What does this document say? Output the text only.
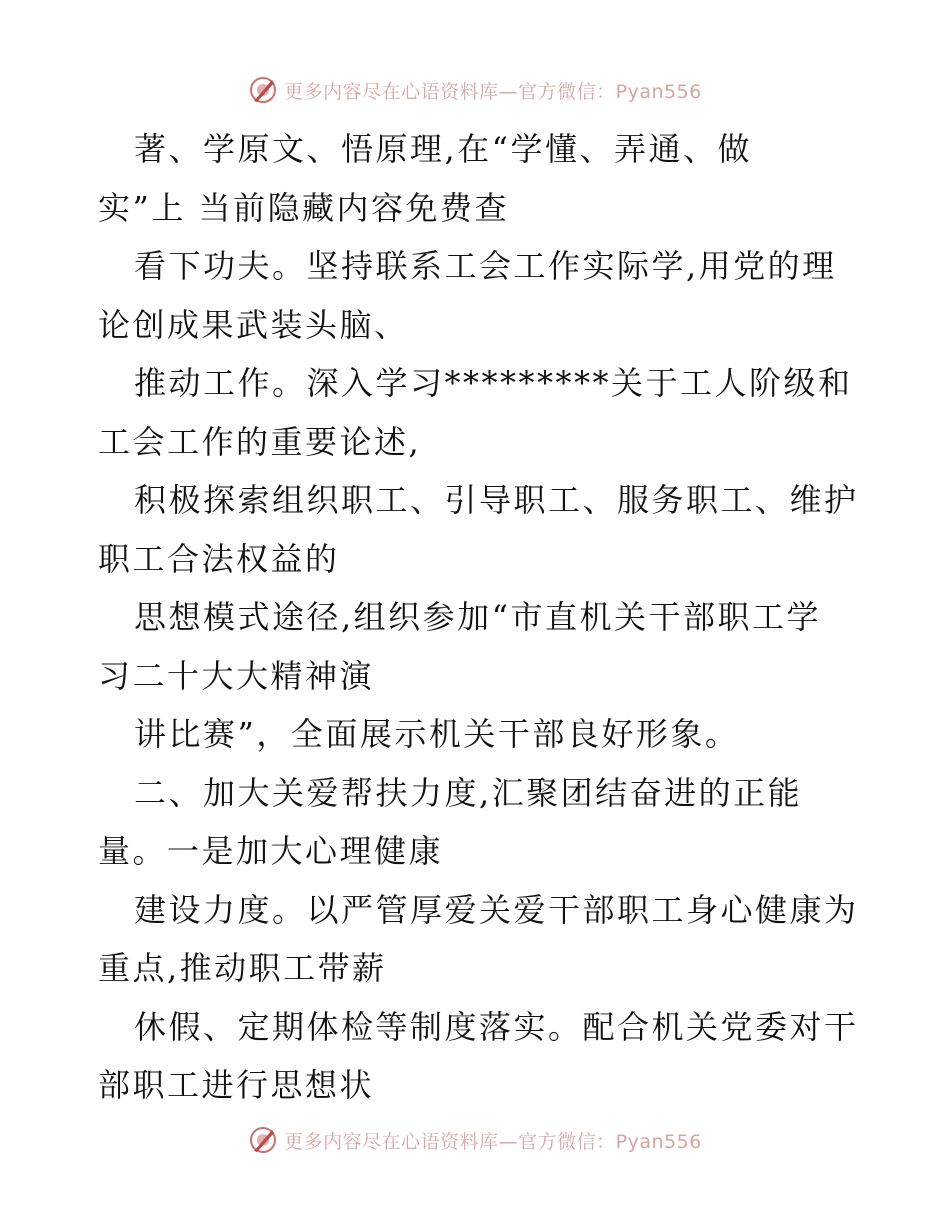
更多内容尽在心语资料库—官方微信：Pyan556
著、学原文、悟原理,在“学懂、弄通、做
实”上 当前隐藏内容免费查
看下功夫。坚持联系工会工作实际学,用党的理
论创成果武装头脑、
推动工作。深入学习*********关于工人阶级和
工会工作的重要论述,
积极探索组织职工、引导职工、服务职工、维护
职工合法权益的
思想模式途径,组织参加“市直机关干部职工学
习二十大大精神演
讲比赛”，全面展示机关干部良好形象。
二、加大关爱帮扶力度,汇聚团结奋进的正能
量。一是加大心理健康
建设力度。以严管厚爱关爱干部职工身心健康为
重点,推动职工带薪
休假、定期体检等制度落实。配合机关党委对干
部职工进行思想状
更多内容尽在心语资料库—官方微信：Pyan556
